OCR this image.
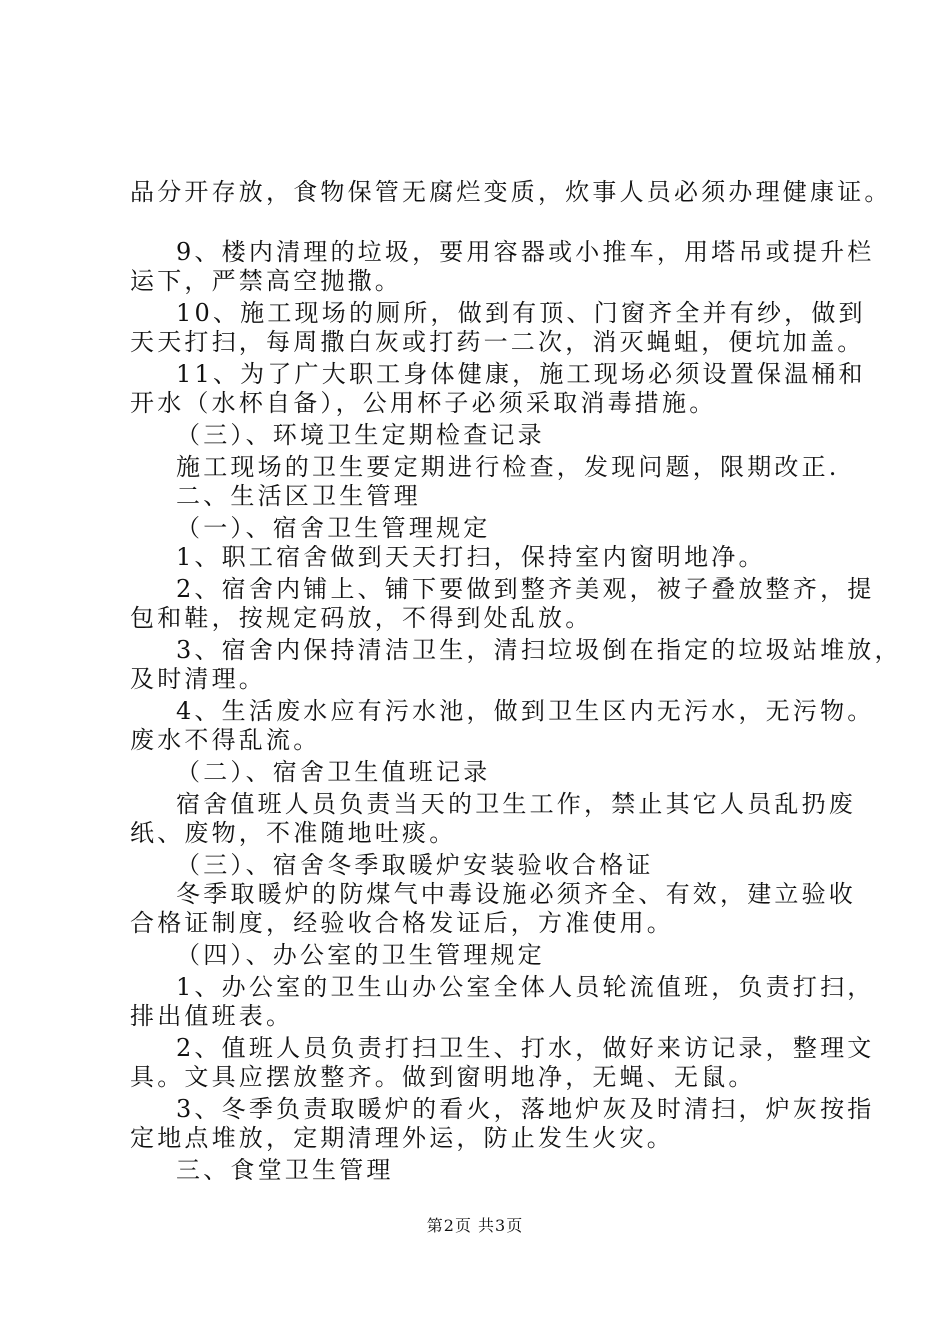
品分开存放，食物保管无腐烂变质，炊事人员必须办理健康证。
9、楼内清理的垃圾，要用容器或小推车，用塔吊或提升栏
运下，严禁高空抛撒。
10、施工现场的厕所，做到有顶、门窗齐全并有纱，做到
天天打扫，每周撒白灰或打药一二次，消灭蝇蛆，便坑加盖。
11、为了广大职工身体健康，施工现场必须设置保温桶和
开水（水杯自备），公用杯子必须采取消毒措施。
（三）、环境卫生定期检查记录
施工现场的卫生要定期进行检查，发现问题，限期改正.
二、生活区卫生管理
（一）、宿舍卫生管理规定
1、职工宿舍做到天天打扫，保持室内窗明地净。
2、宿舍内铺上、铺下要做到整齐美观，被子叠放整齐，提
包和鞋，按规定码放，不得到处乱放。
3、宿舍内保持清洁卫生，清扫垃圾倒在指定的垃圾站堆放，
及时清理。
4、生活废水应有污水池，做到卫生区内无污水，无污物。
废水不得乱流。
（二）、宿舍卫生值班记录
宿舍值班人员负责当天的卫生工作，禁止其它人员乱扔废
纸、废物，不准随地吐痰。
（三）、宿舍冬季取暖炉安装验收合格证
冬季取暖炉的防煤气中毒设施必须齐全、有效，建立验收
合格证制度，经验收合格发证后，方准使用。
（四）、办公室的卫生管理规定
1、办公室的卫生山办公室全体人员轮流值班，负责打扫，
排出值班表。
2、值班人员负责打扫卫生、打水，做好来访记录，整理文
具。文具应摆放整齐。做到窗明地净，无蝇、无鼠。
3、冬季负责取暖炉的看火，落地炉灰及时清扫，炉灰按指
定地点堆放，定期清理外运，防止发生火灾。
三、食堂卫生管理
第2页 共3页
